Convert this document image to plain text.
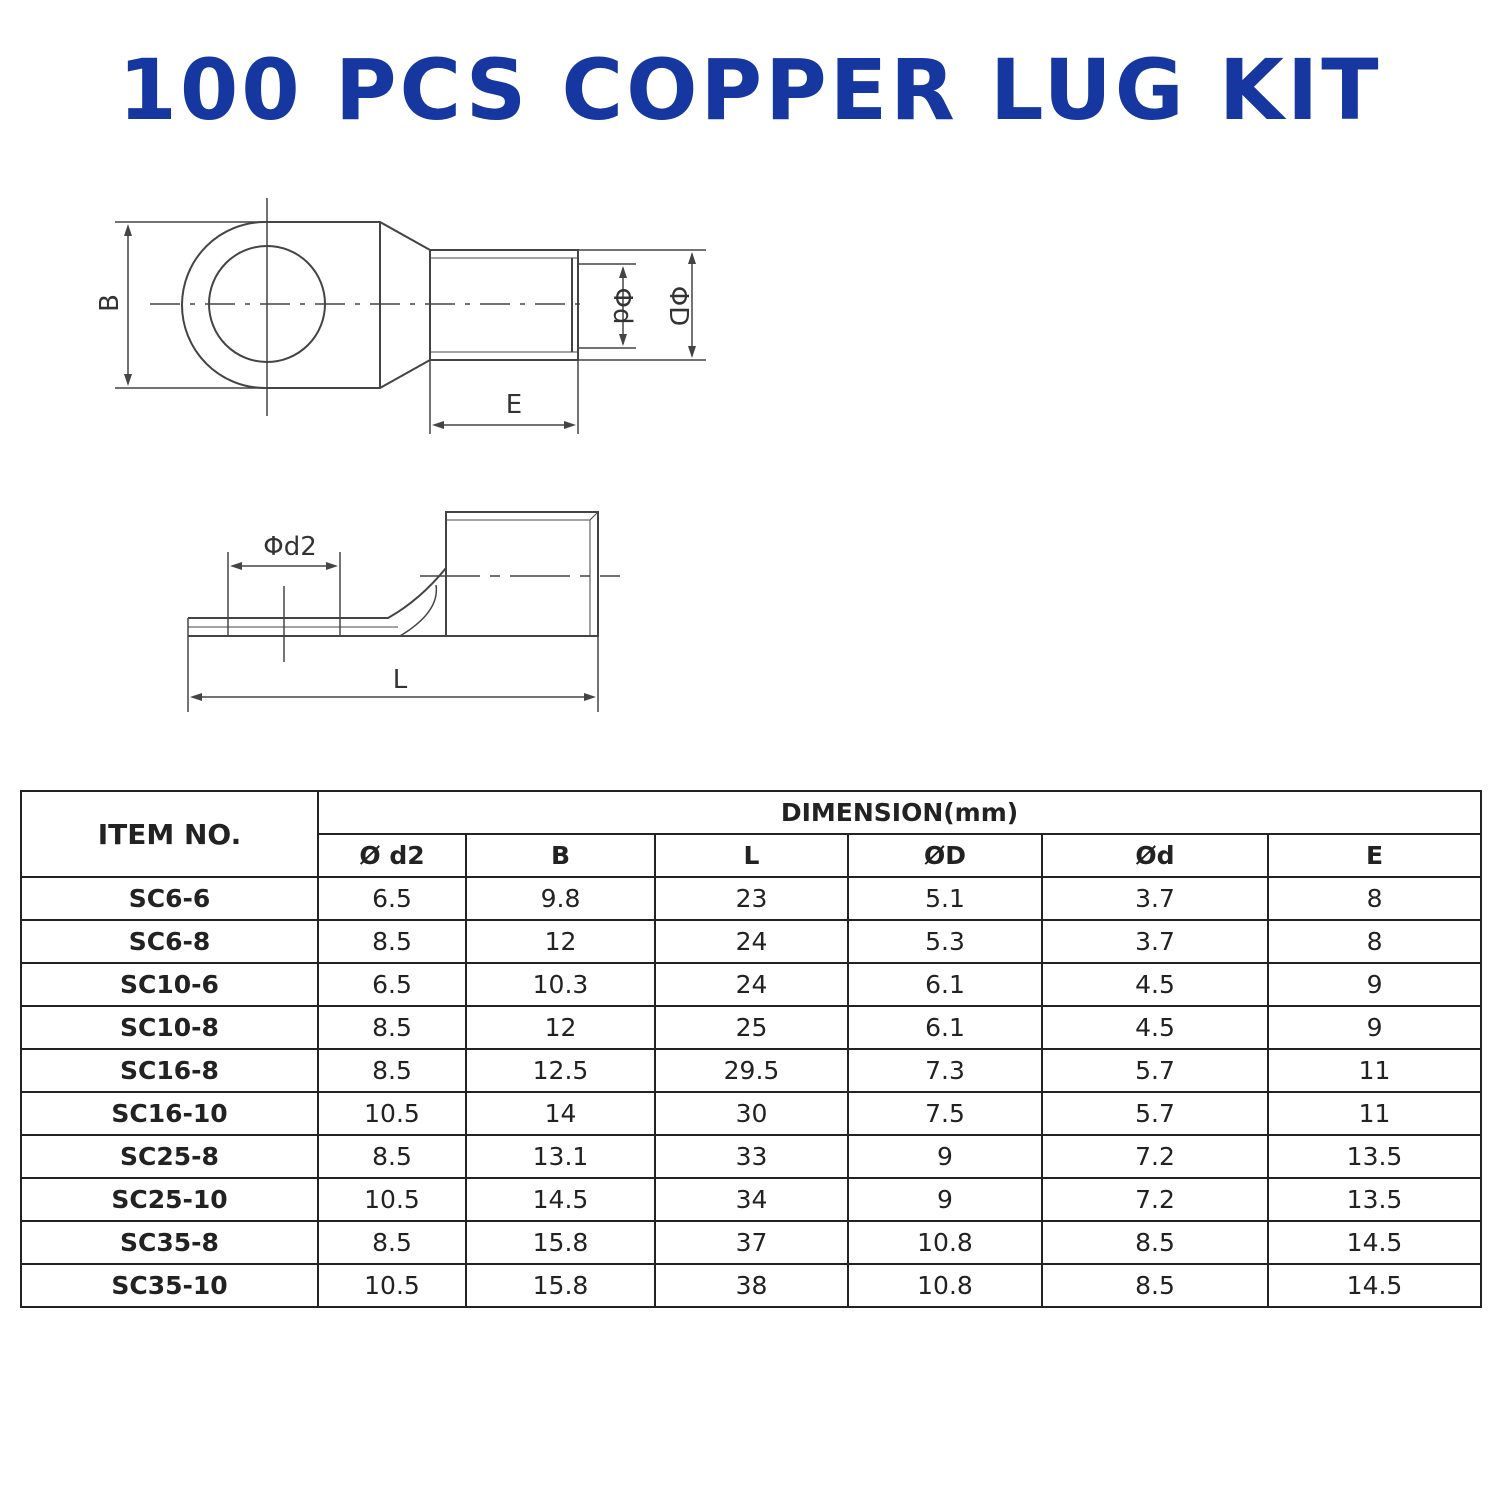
100 PCS COPPER LUG KIT
B	Φd ΦD
E
Φd2
L
ITEM NO.	DIMENSION(mm)					
	Ø d2	B	L	ØD	Ød	E
SC6-6	6.5	9.8	23	5.1	3.7	8
SC6-8	8.5	12	24	5.3	3.7	8
SC10-6	6.5	10.3	24	6.1	4.5	9
SC10-8	8.5	12	25	6.1	4.5	9
SC16-8	8.5	12.5	29.5	7.3	5.7	11
SC16-10	10.5	14	30	7.5	5.7	11
SC25-8	8.5	13.1	33	9	7.2	13.5
SC25-10	10.5	14.5	34	9	7.2	13.5
SC35-8	8.5	15.8	37	10.8	8.5	14.5
SC35-10	10.5	15.8	38	10.8	8.5	14.5
